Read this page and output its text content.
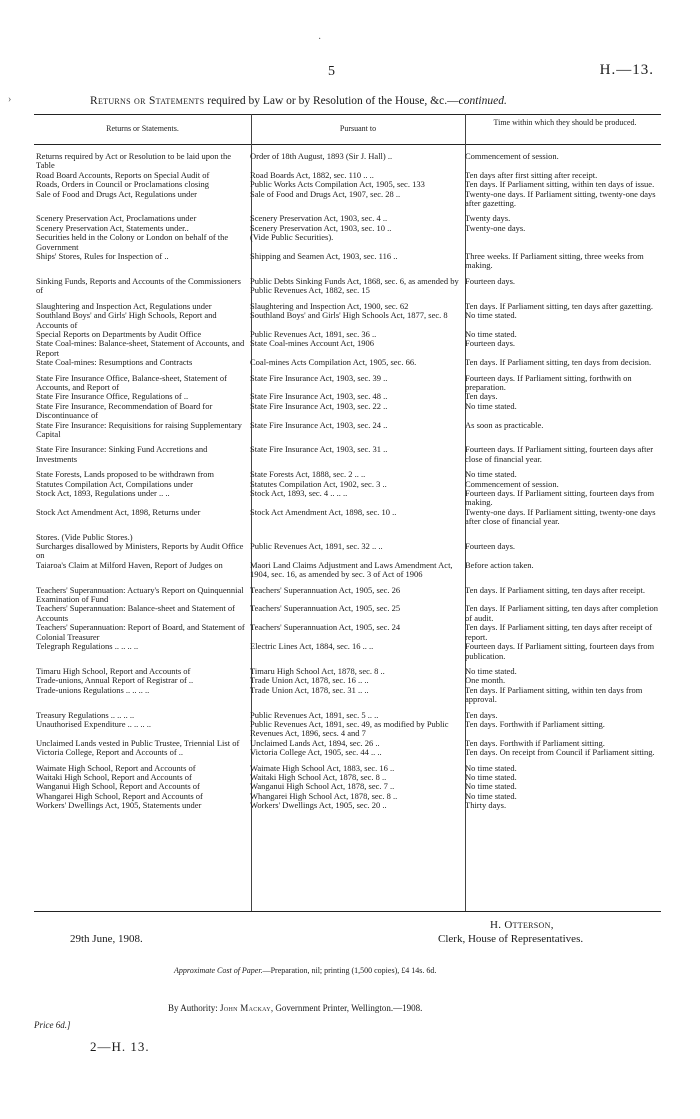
·
›
5	H.—13.
Returns or Statements required by Law or by Resolution of the House, &c.—continued.
Returns or Statements.	Pursuant to
Time within which they should be produced.
Returns required by Act or Resolution to be laid upon the Table	Order of 18th August, 1893 (Sir J. Hall) ..	Commencement of session.
Road Board Accounts, Reports on Special Audit of	Road Boards Act, 1882, sec. 110 .. ..	Ten days after first sitting after receipt.
Roads, Orders in Council or Proclamations closing	Public Works Acts Compilation Act, 1905, sec. 133	Ten days. If Parliament sitting, within ten days of issue.
Sale of Food and Drugs Act, Regulations under	Sale of Food and Drugs Act, 1907, sec. 28 ..	Twenty-one days. If Parliament sitting, twenty-one days after gazetting.

Scenery Preservation Act, Proclamations under	Scenery Preservation Act, 1903, sec. 4 ..	Twenty days.
Scenery Preservation Act, Statements under..	Scenery Preservation Act, 1903, sec. 10 ..	Twenty-one days.
Securities held in the Colony or London on behalf of the Government	(Vide Public Securities).	
Ships' Stores, Rules for Inspection of ..	Shipping and Seamen Act, 1903, sec. 116 ..	Three weeks. If Parliament sitting, three weeks from making.

Sinking Funds, Reports and Accounts of the Commissioners of	Public Debts Sinking Funds Act, 1868, sec. 6, as amended by Public Revenues Act, 1882, sec. 15	Fourteen days.

Slaughtering and Inspection Act, Regulations under	Slaughtering and Inspection Act, 1900, sec. 62	Ten days. If Parliament sitting, ten days after gazetting.
Southland Boys' and Girls' High Schools, Report and Accounts of	Southland Boys' and Girls' High Schools Act, 1877, sec. 8	No time stated.
Special Reports on Departments by Audit Office	Public Revenues Act, 1891, sec. 36 ..	No time stated.
State Coal-mines: Balance-sheet, Statement of Accounts, and Report	State Coal-mines Account Act, 1906	Fourteen days.
State Coal-mines: Resumptions and Contracts	Coal-mines Acts Compilation Act, 1905, sec. 66.	Ten days. If Parliament sitting, ten days from decision.

State Fire Insurance Office, Balance-sheet, Statement of Accounts, and Report of	State Fire Insurance Act, 1903, sec. 39 ..	Fourteen days. If Parliament sitting, forthwith on preparation.
State Fire Insurance Office, Regulations of ..	State Fire Insurance Act, 1903, sec. 48 ..	Ten days.
State Fire Insurance, Recommendation of Board for Discontinuance of	State Fire Insurance Act, 1903, sec. 22 ..	No time stated.
State Fire Insurance: Requisitions for raising Supplementary Capital	State Fire Insurance Act, 1903, sec. 24 ..	As soon as practicable.

State Fire Insurance: Sinking Fund Accretions and Investments	State Fire Insurance Act, 1903, sec. 31 ..	Fourteen days. If Parliament sitting, fourteen days after close of financial year.

State Forests, Lands proposed to be withdrawn from	State Forests Act, 1888, sec. 2 .. ..	No time stated.
Statutes Compilation Act, Compilations under	Statutes Compilation Act, 1902, sec. 3 ..	Commencement of session.
Stock Act, 1893, Regulations under .. ..	Stock Act, 1893, sec. 4 .. .. ..	Fourteen days. If Parliament sitting, fourteen days from making.
Stock Act Amendment Act, 1898, Returns under	Stock Act Amendment Act, 1898, sec. 10 ..	Twenty-one days. If Parliament sitting, twenty-one days after close of financial year.

Stores. (Vide Public Stores.)		
Surcharges disallowed by Ministers, Reports by Audit Office on	Public Revenues Act, 1891, sec. 32 .. ..	Fourteen days.
Taiaroa's Claim at Milford Haven, Report of Judges on	Maori Land Claims Adjustment and Laws Amendment Act, 1904, sec. 16, as amended by sec. 3 of Act of 1906	Before action taken.

Teachers' Superannuation: Actuary's Report on Quinquennial Examination of Fund	Teachers' Superannuation Act, 1905, sec. 26	Ten days. If Parliament sitting, ten days after receipt.
Teachers' Superannuation: Balance-sheet and Statement of Accounts	Teachers' Superannuation Act, 1905, sec. 25	Ten days. If Parliament sitting, ten days after completion of audit.
Teachers' Superannuation: Report of Board, and Statement of Colonial Treasurer	Teachers' Superannuation Act, 1905, sec. 24	Ten days. If Parliament sitting, ten days after receipt of report.
Telegraph Regulations .. .. .. ..	Electric Lines Act, 1884, sec. 16 .. ..	Fourteen days. If Parliament sitting, fourteen days from publication.

Timaru High School, Report and Accounts of	Timaru High School Act, 1878, sec. 8 ..	No time stated.
Trade-unions, Annual Report of Registrar of ..	Trade Union Act, 1878, sec. 16 .. ..	One month.
Trade-unions Regulations .. .. .. ..	Trade Union Act, 1878, sec. 31 .. ..	Ten days. If Parliament sitting, within ten days from approval.

Treasury Regulations .. .. .. ..	Public Revenues Act, 1891, sec. 5 .. ..	Ten days.
Unauthorised Expenditure .. .. .. ..	Public Revenues Act, 1891, sec. 49, as modified by Public Revenues Act, 1896, secs. 4 and 7	Ten days. Forthwith if Parliament sitting.
Unclaimed Lands vested in Public Trustee, Triennial List of	Unclaimed Lands Act, 1894, sec. 26 ..	Ten days. Forthwith if Parliament sitting.
Victoria College, Report and Accounts of ..	Victoria College Act, 1905, sec. 44 .. ..	Ten days. On receipt from Council if Parliament sitting.

Waimate High School, Report and Accounts of	Waimate High School Act, 1883, sec. 16 ..	No time stated.
Waitaki High School, Report and Accounts of	Waitaki High School Act, 1878, sec. 8 ..	No time stated.
Wanganui High School, Report and Accounts of	Wanganui High School Act, 1878, sec. 7 ..	No time stated.
Whangarei High School, Report and Accounts of	Whangarei High School Act, 1878, sec. 8 ..	No time stated.
Workers' Dwellings Act, 1905, Statements under	Workers' Dwellings Act, 1905, sec. 20 ..	Thirty days.
H. Otterson,
Clerk, House of Representatives.
29th June, 1908.
Approximate Cost of Paper.—Preparation, nil; printing (1,500 copies), £4 14s. 6d.
By Authority: John Mackay, Government Printer, Wellington.—1908.
Price 6d.]
2—H. 13.
